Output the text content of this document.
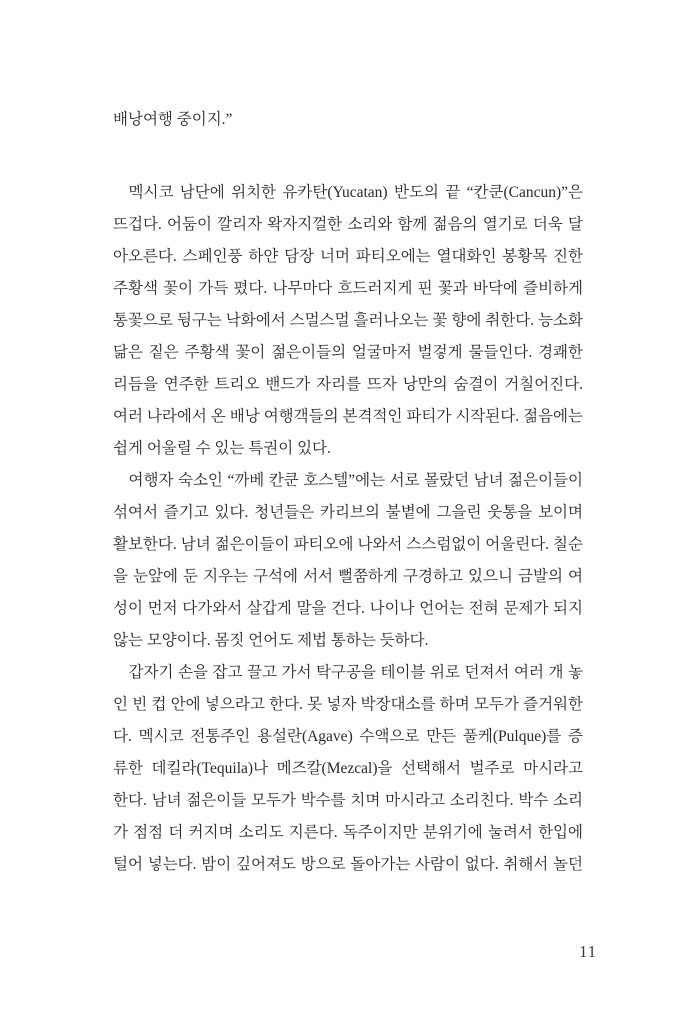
배낭여행 중이지.”
멕시코 남단에 위치한 유카탄(Yucatan) 반도의 끝 “칸쿤(Cancun)”은
뜨겁다. 어둠이 깔리자 왁자지껄한 소리와 함께 젊음의 열기로 더욱 달
아오른다. 스페인풍 하얀 담장 너머 파티오에는 열대화인 봉황목 진한
주황색 꽃이 가득 폈다. 나무마다 흐드러지게 핀 꽃과 바닥에 즐비하게
통꽃으로 뒹구는 낙화에서 스멀스멀 흘러나오는 꽃 향에 취한다. 능소화
닮은 짙은 주황색 꽃이 젊은이들의 얼굴마저 벌겋게 물들인다. 경쾌한
리듬을 연주한 트리오 밴드가 자리를 뜨자 낭만의 숨결이 거칠어진다.
여러 나라에서 온 배낭 여행객들의 본격적인 파티가 시작된다. 젊음에는
쉽게 어울릴 수 있는 특권이 있다.
여행자 숙소인 “까베 칸쿤 호스텔”에는 서로 몰랐던 남녀 젊은이들이
섞여서 즐기고 있다. 청년들은 카리브의 불볕에 그을린 웃통을 보이며
활보한다. 남녀 젊은이들이 파티오에 나와서 스스럼없이 어울린다. 칠순
을 눈앞에 둔 지우는 구석에 서서 뻘쭘하게 구경하고 있으니 금발의 여
성이 먼저 다가와서 살갑게 말을 건다. 나이나 언어는 전혀 문제가 되지
않는 모양이다. 몸짓 언어도 제법 통하는 듯하다.
갑자기 손을 잡고 끌고 가서 탁구공을 테이블 위로 던져서 여러 개 놓
인 빈 컵 안에 넣으라고 한다. 못 넣자 박장대소를 하며 모두가 즐거워한
다. 멕시코 전통주인 용설란(Agave) 수액으로 만든 풀케(Pulque)를 증
류한 데킬라(Tequila)나 메즈칼(Mezcal)을 선택해서 벌주로 마시라고
한다. 남녀 젊은이들 모두가 박수를 치며 마시라고 소리친다. 박수 소리
가 점점 더 커지며 소리도 지른다. 독주이지만 분위기에 눌려서 한입에
털어 넣는다. 밤이 깊어져도 방으로 돌아가는 사람이 없다. 취해서 놀던
11
